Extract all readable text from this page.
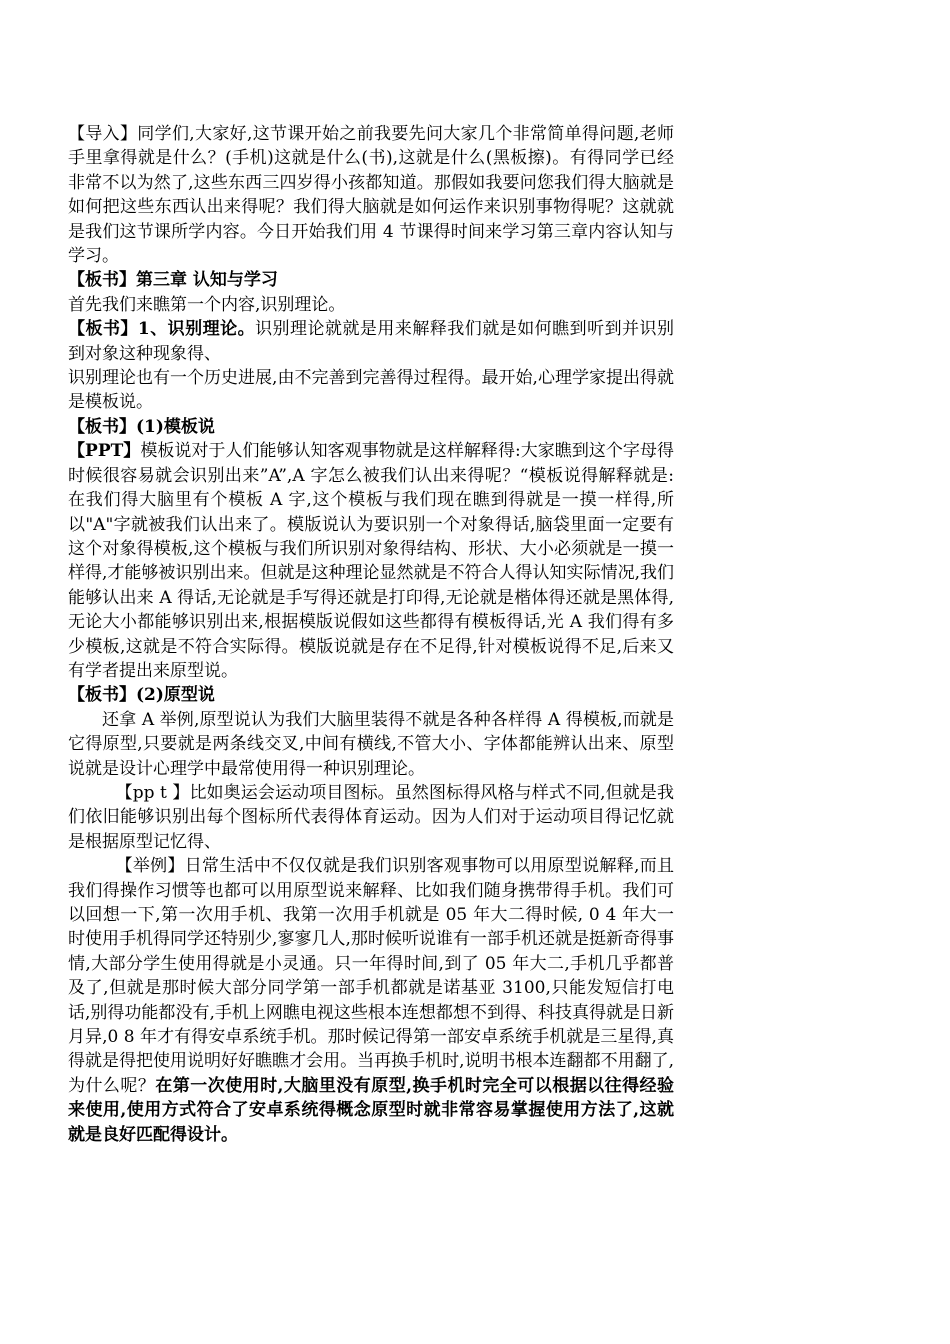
【导入】同学们,大家好,这节课开始之前我要先问大家几个非常简单得问题,老师手里拿得就是什么？(手机)这就是什么(书),这就是什么(黑板擦)。有得同学已经非常不以为然了,这些东西三四岁得小孩都知道。那假如我要问您我们得大脑就是如何把这些东西认出来得呢？我们得大脑就是如何运作来识别事物得呢？这就就是我们这节课所学内容。今日开始我们用 4 节课得时间来学习第三章内容认知与学习。

【板书】第三章 认知与学习

首先我们来瞧第一个内容,识别理论。

【板书】1、识别理论。识别理论就就是用来解释我们就是如何瞧到听到并识别到对象这种现象得、

识别理论也有一个历史进展,由不完善到完善得过程得。最开始,心理学家提出得就是模板说。

【板书】(1)模板说

【PPT】模板说对于人们能够认知客观事物就是这样解释得:大家瞧到这个字母得时候很容易就会识别出来”A”,A 字怎么被我们认出来得呢？“模板说得解释就是:在我们得大脑里有个模板 A 字,这个模板与我们现在瞧到得就是一摸一样得,所以"A"字就被我们认出来了。模版说认为要识别一个对象得话,脑袋里面一定要有这个对象得模板,这个模板与我们所识别对象得结构、形状、大小必须就是一摸一样得,才能够被识别出来。但就是这种理论显然就是不符合人得认知实际情况,我们能够认出来 A 得话,无论就是手写得还就是打印得,无论就是楷体得还就是黑体得,无论大小都能够识别出来,根据模版说假如这些都得有模板得话,光 A 我们得有多少模板,这就是不符合实际得。模版说就是存在不足得,针对模板说得不足,后来又有学者提出来原型说。

【板书】(2)原型说

还拿 A 举例,原型说认为我们大脑里装得不就是各种各样得 A 得模板,而就是它得原型,只要就是两条线交叉,中间有横线,不管大小、字体都能辨认出来、原型说就是设计心理学中最常使用得一种识别理论。

【pp t 】比如奥运会运动项目图标。虽然图标得风格与样式不同,但就是我们依旧能够识别出每个图标所代表得体育运动。因为人们对于运动项目得记忆就是根据原型记忆得、

【举例】日常生活中不仅仅就是我们识别客观事物可以用原型说解释,而且我们得操作习惯等也都可以用原型说来解释、比如我们随身携带得手机。我们可以回想一下,第一次用手机、我第一次用手机就是 05 年大二得时候, 0 4 年大一时使用手机得同学还特别少,寥寥几人,那时候听说谁有一部手机还就是挺新奇得事情,大部分学生使用得就是小灵通。只一年得时间,到了 05 年大二,手机几乎都普及了,但就是那时候大部分同学第一部手机都就是诺基亚 3100,只能发短信打电话,别得功能都没有,手机上网瞧电视这些根本连想都想不到得、科技真得就是日新月异,0 8 年才有得安卓系统手机。那时候记得第一部安卓系统手机就是三星得,真得就是得把使用说明好好瞧瞧才会用。当再换手机时,说明书根本连翻都不用翻了,为什么呢？在第一次使用时,大脑里没有原型,换手机时完全可以根据以往得经验来使用,使用方式符合了安卓系统得概念原型时就非常容易掌握使用方法了,这就就是良好匹配得设计。
